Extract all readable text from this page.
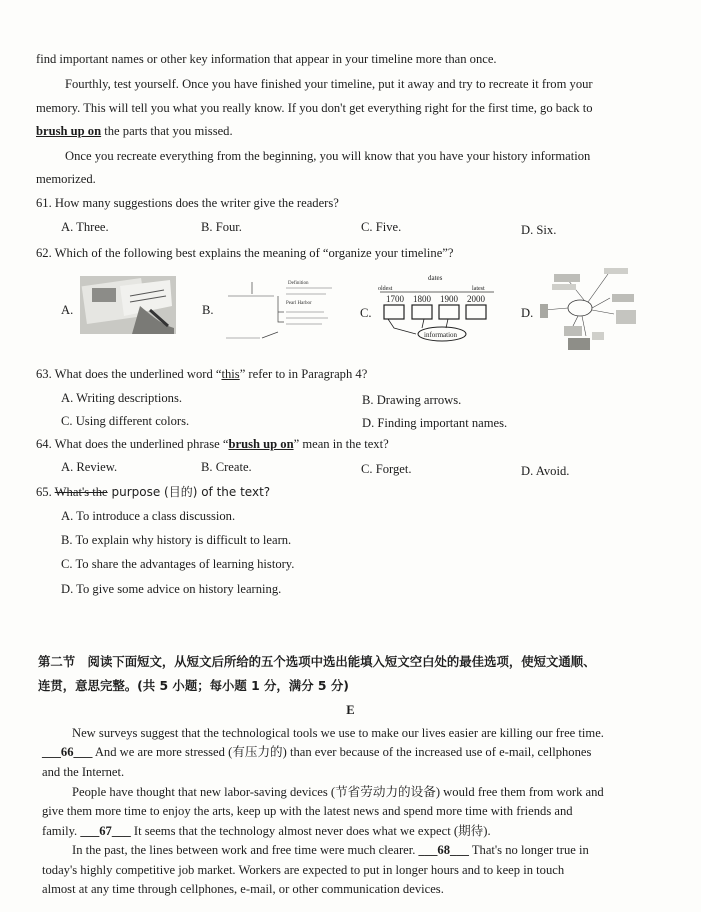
find important names or other key information that appear in your timeline more than once.
Fourthly, test yourself. Once you have finished your timeline, put it away and try to recreate it from your
memory. This will tell you what you really know. If you don't get everything right for the first time, go back to
brush up on the parts that you missed.
Once you recreate everything from the beginning, you will know that you have your history information
memorized.
61. How many suggestions does the writer give the readers?
A. Three.	B. Four.	C. Five.	D. Six.
62. Which of the following best explains the meaning of “organize your timeline”?
A.	B.
Definition
Pearl Harbor
C.
dates
oldest	latest
1700 1800 1900 2000
information
D.
63. What does the underlined word “this” refer to in Paragraph 4?
A. Writing descriptions.	B. Drawing arrows.
C. Using different colors.	D. Finding important names.
64. What does the underlined phrase “brush up on” mean in the text?
A. Review.	B. Create.	C. Forget.	D. Avoid.
65. What's the purpose (目的) of the text?
A. To introduce a class discussion.
B. To explain why history is difficult to learn.
C. To share the advantages of learning history.
D. To give some advice on history learning.
第二节　阅读下面短文，从短文后所给的五个选项中选出能填入短文空白处的最佳选项，使短文通顺、
连贯，意思完整。(共 5 小题；每小题 1 分，满分 5 分)
E
New surveys suggest that the technological tools we use to make our lives easier are killing our free time.
___66___ And we are more stressed (有压力的) than ever because of the increased use of e-mail, cellphones
and the Internet.
People have thought that new labor-saving devices (节省劳动力的设备) would free them from work and
give them more time to enjoy the arts, keep up with the latest news and spend more time with friends and
family. ___67___ It seems that the technology almost never does what we expect (期待).
In the past, the lines between work and free time were much clearer. ___68___ That's no longer true in
today's highly competitive job market. Workers are expected to put in longer hours and to keep in touch
almost at any time through cellphones, e-mail, or other communication devices.
